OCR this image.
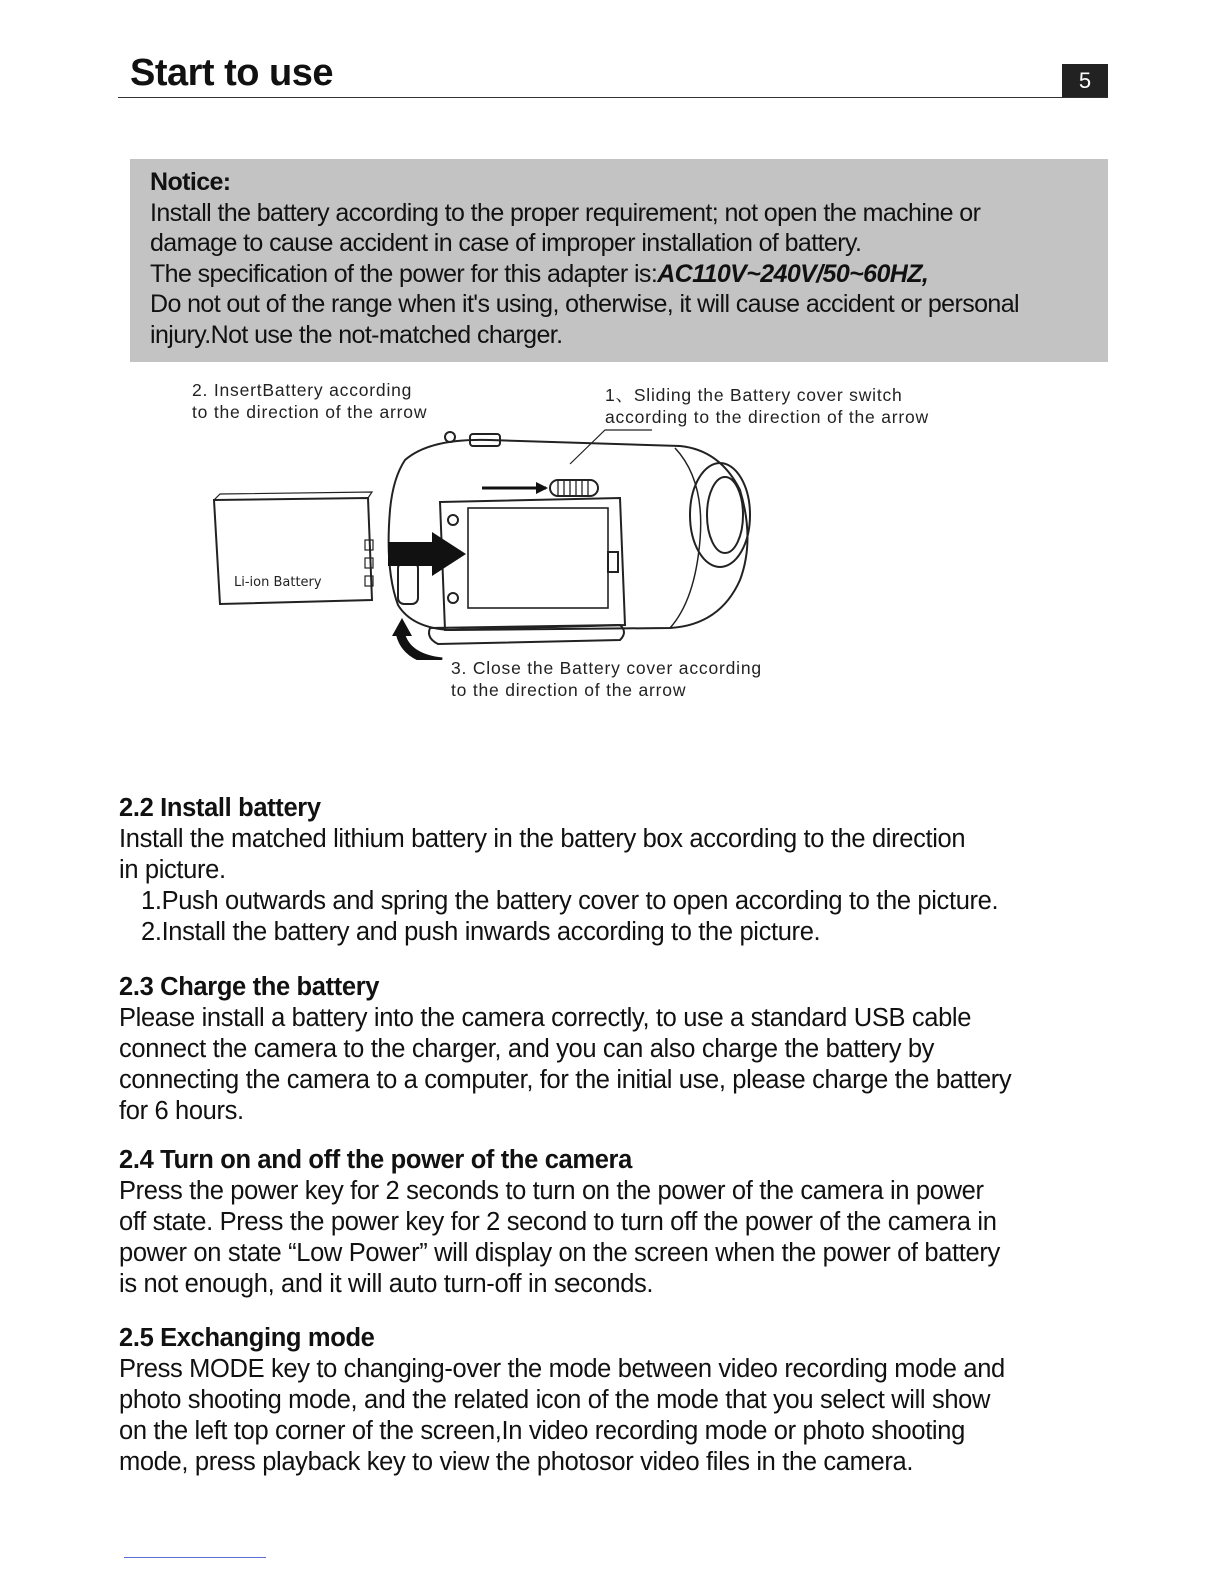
Start to use	5
Notice:

Install the battery according to the proper requirement; not open the machine or

damage to cause accident in case of improper installation of battery.

The specification of the power for this adapter is:AC110V~240V/50~60HZ,

Do not out of the range when it's using, otherwise, it will cause accident or personal

injury.Not use the not-matched charger.

2. InsertBattery according
to the direction of the arrow
1、Sliding the Battery cover switch
according to the direction of the arrow
3. Close the Battery cover according
to the direction of the arrow
Li-ion Battery
2.2 Install battery

Install the matched lithium battery in the battery box according to the direction

in picture.

1.Push outwards and spring the battery cover to open according to the picture.

2.Install the battery and push inwards according to the picture.

2.3 Charge the battery

Please install a battery into the camera correctly, to use a standard USB cable

connect the camera to the charger, and you can also charge the battery by

connecting the camera to a computer, for the initial use, please charge the battery

for 6 hours.

2.4 Turn on and off the power of the camera

Press the power key for 2 seconds to turn on the power of the camera in power

off state. Press the power key for 2 second to turn off the power of the camera in

power on state “Low Power” will display on the screen when the power of battery

is not enough, and it will auto turn-off in seconds.

2.5 Exchanging mode

Press MODE key to changing-over the mode between video recording mode and

photo shooting mode, and the related icon of the mode that you select will show

on the left top corner of the screen,In video recording mode or photo shooting

mode, press playback key to view the photosor video files in the camera.
